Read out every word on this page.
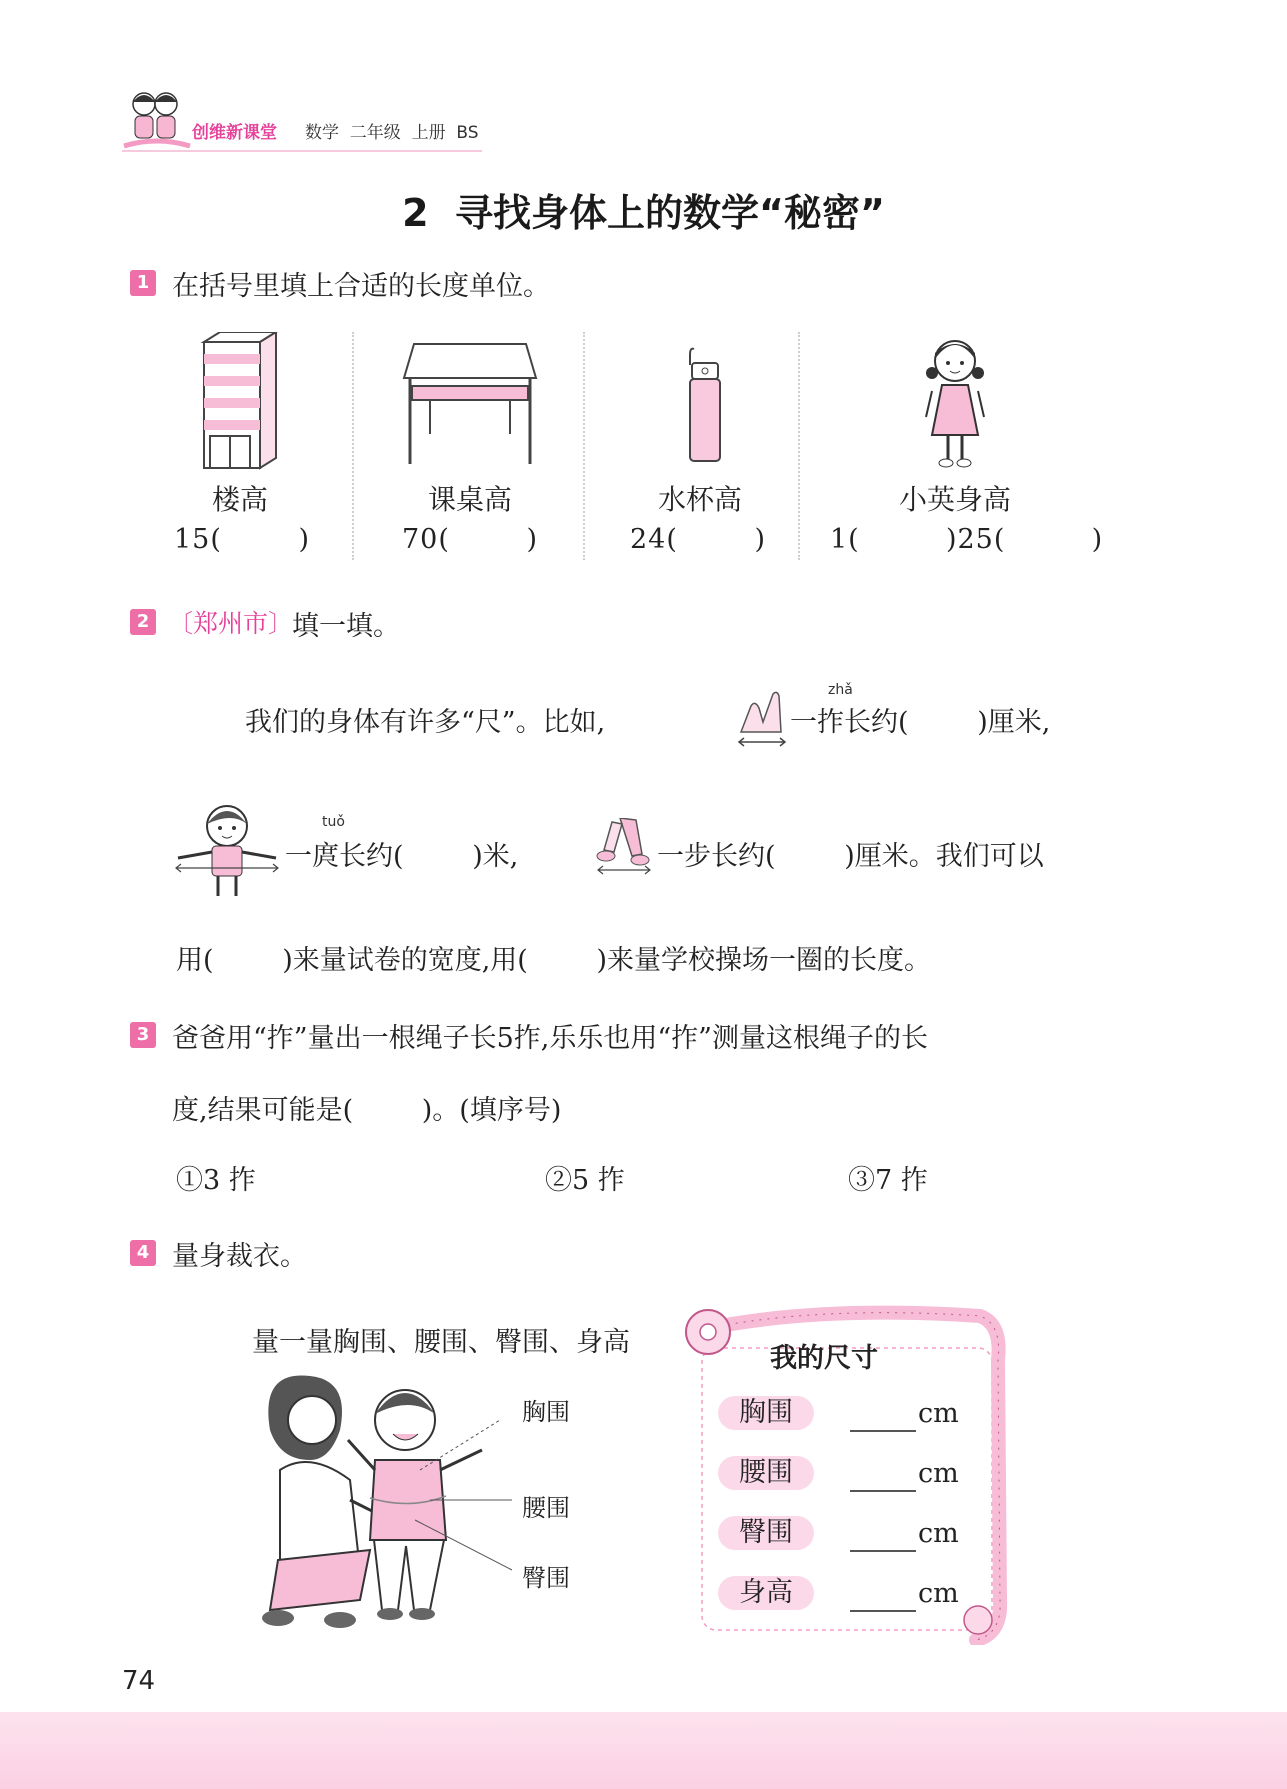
创维新课堂 数学  二年级  上册  BS
2  寻找身体上的数学“秘密”
1 在括号里填上合适的长度单位。
楼高	课桌高	水杯高	小英身高
15(        )	70(        )	24(        ) 1(         )25(         )
2 〔郑州市〕
填一填。
我们的身体有许多“尺”。比如,
zhǎ
一拃长约(        )厘米,
tuǒ
一庹长约(        )米,	一步长约(        )厘米。我们可以
用(        )来量试卷的宽度,用(        )来量学校操场一圈的长度。
3 爸爸用“拃”量出一根绳子长5拃,乐乐也用“拃”测量这根绳子的长
度,结果可能是(        )。(填序号)
①3 拃	②5 拃	③7 拃
4 量身裁衣。
量一量胸围、腰围、臀围、身高
胸围
腰围
臀围
我的尺寸
胸围	cm
腰围	cm
臀围	cm
身高	cm
74
